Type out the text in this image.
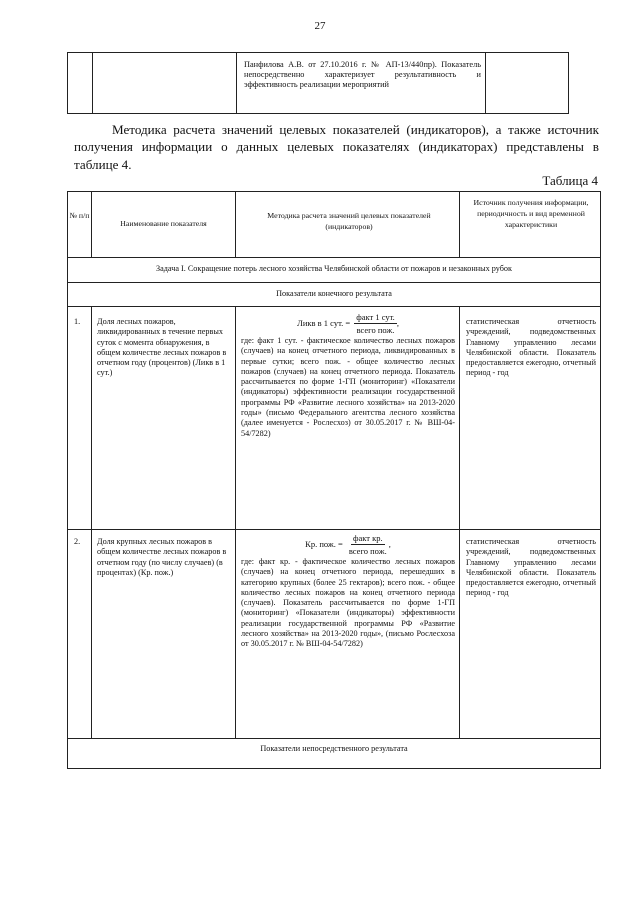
27
Панфилова А.В. от 27.10.2016 г. № АП-13/440пр). Показатель непосредственно характеризует результативность и эффективность реализации мероприятий

Методика расчета значений целевых показателей (индикаторов), а также источник получения информации о данных целевых показателях (индикаторах) представлены в таблице 4.

Таблица 4
№ п/п
Наименование показателя
Методика расчета значений целевых показателей (индикаторов)
Источник получения информации, периодичность и вид временной характеристики
Задача I. Сокращение потерь лесного хозяйства Челябинской области от пожаров и незаконных рубок
Показатели конечного результата
Показатели непосредственного результата
1. Доля лесных пожаров, ликвидированных в течение первых суток с момента обнаружения, в общем количестве лесных пожаров в отчетном году (процентов) (Ликв в 1 сут.)
Ликв в 1 сут. = $\frac{\text{факт 1 сут.}}{\text{всего пож.}}$ ,

где: факт 1 сут. - фактическое количество лесных пожаров (случаев) на конец отчетного периода, ликвидированных в первые сутки; всего пож. - общее количество лесных пожаров (случаев) на конец отчетного периода. Показатель рассчитывается по форме 1-ГП (мониторинг) «Показатели (индикаторы) эффективности реализации государственной программы РФ «Развитие лесного хозяйства» на 2013-2020 годы» (письмо Федерального агентства лесного хозяйства (далее именуется - Рослесхоз) от 30.05.2017 г. № ВШ-04-54/7282)

статистическая отчетность учреждений, подведомственных Главному управлению лесами Челябинской области. Показатель предоставляется ежегодно, отчетный период - год
2. Доля крупных лесных пожаров в общем количестве лесных пожаров в отчетном году (по числу случаев) (в процентах) (Кр. пож.)
Кр. пож. = $\frac{\text{факт кр.}}{\text{всего пож.}}$ ,

где: факт кр. - фактическое количество лесных пожаров (случаев) на конец отчетного периода, перешедших в категорию крупных (более 25 гектаров); всего пож. - общее количество лесных пожаров на конец отчетного периода (случаев). Показатель рассчитывается по форме 1-ГП (мониторинг) «Показатели (индикаторы) эффективности реализации государственной программы РФ «Развитие лесного хозяйства» на 2013-2020 годы», (письмо Рослесхоза от 30.05.2017 г. № ВШ-04-54/7282)

статистическая отчетность учреждений, подведомственных Главному управлению лесами Челябинской области. Показатель предоставляется ежегодно, отчетный период - год
